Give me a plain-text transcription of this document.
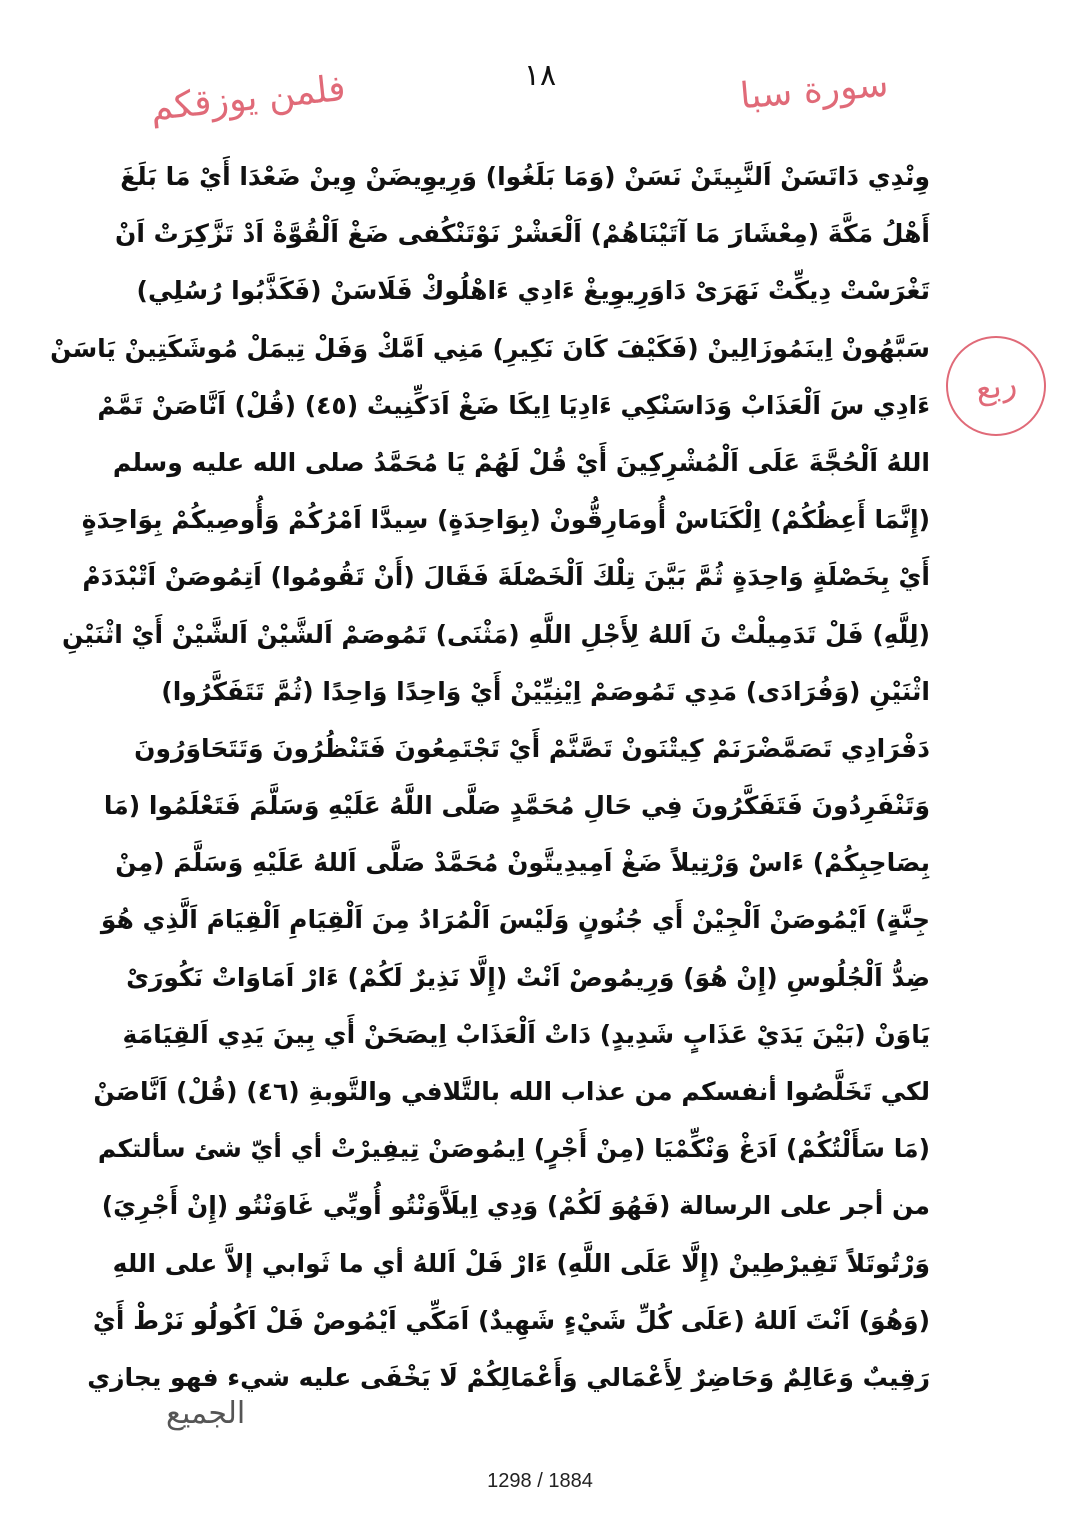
١٨
فلمن يوزقكم	سورة سبا
ربع
وِنْدِي دَاتَسَنْ اَلنَّبِيتَنْ نَسَنْ (وَمَا بَلَغُوا) وَرِيوِيضَنْ وِينْ ضَعْدَا أَيْ مَا بَلَغَ
أَهْلُ مَكَّةَ (مِعْشَارَ مَا آتَيْنَاهُمْ) اَلْعَشْرْ نَوْتَنْكُفى ضَغْ اَلْقُوَّةْ اَدْ تَزَّكِرَتْ اَنْ
تَغْرَسْتْ دِيكِّتْ نَهَرَىْ دَاوَرِيوِيغْ ءَادِي ءَاهْلُوكْ فَلَاسَنْ (فَكَذَّبُوا رُسُلِي)
سَبَّهُونْ اِينَمُوزَالِينْ (فَكَيْفَ كَانَ نَكِيرِ) مَنِي اَمَّكْ وَفَلْ تِيمَلْ مُوشَكَتِينْ يَاسَنْ
ءَادِي سَ اَلْعَذَابْ وَدَاسَنْكِي ءَادِيَا اِيكَا ضَغْ اَدَكِّنِيتْ (٤٥) (قُلْ) اَنَّاصَنْ تَمَّمْ
اللهُ اَلْحُجَّةَ عَلَى اَلْمُشْرِكِينَ أَيْ قُلْ لَهُمْ يَا مُحَمَّدُ صلى الله عليه وسلم
(إِنَّمَا أَعِظُكُمْ) اِلْكَنَاسْ أُومَارِقُّونْ (بِوَاحِدَةٍ) سِيدَّا اَمْرُكُمْ وَأُوصِيكُمْ بِوَاحِدَةٍ
أَيْ بِخَصْلَةٍ وَاحِدَةٍ ثُمَّ بَيَّنَ تِلْكَ اَلْخَصْلَةَ فَقَالَ (أَنْ تَقُومُوا) اَتِمُوصَنْ اَتْبْدَدَمْ
(لِلَّهِ) فَلْ تَدَمِيلْتْ نَ اَللهُ لِأَجْلِ اللَّهِ (مَثْنَى) تَمُوصَمْ اَلشَّيْنْ اَلشَّيْنْ أَيْ اثْنَيْنِ
اثْنَيْنِ (وَفُرَادَى) مَدِي تَمُوصَمْ اِيْنِيِّيْنْ أَيْ وَاحِدًا وَاحِدًا (ثُمَّ تَتَفَكَّرُوا)
دَفْرَادِي تَصَمَّضْرَنَمْ كِيتْنَونْ تَصَّنَّمْ أَيْ تَجْتَمِعُونَ فَتَنْظُرُونَ وَتَتَحَاوَرُونَ
وَتَنْفَرِدُونَ فَتَفَكَّرُونَ فِي حَالِ مُحَمَّدٍ صَلَّى اللَّهُ عَلَيْهِ وَسَلَّمَ فَتَعْلَمُوا (مَا
بِصَاحِبِكُمْ) ءَاسْ وَرْتِيلاً ضَغْ اَمِيدِيتَّونْ مُحَمَّدْ صَلَّى اَللهُ عَلَيْهِ وَسَلَّمَ (مِنْ
جِنَّةٍ) اَيْمُوصَنْ اَلْجِيْنْ أَي جُنُونٍ وَلَيْسَ اَلْمُرَادُ مِنَ اَلْقِيَامِ اَلْقِيَامَ اَلَّذِي هُوَ
ضِدُّ اَلْجُلُوسِ (إِنْ هُوَ) وَرِيمُوصْ اَنْتْ (إِلَّا نَذِيرٌ لَكُمْ) ءَارْ اَمَاوَاتْ نَكُورَىْ
يَاوَنْ (بَيْنَ يَدَيْ عَذَابٍ شَدِيدٍ) دَاتْ اَلْعَذَابْ اِيصَحَنْ أَي بِينَ يَدِي اَلقِيَامَةِ
لكي تَخَلَّصُوا أنفسكم من عذاب الله بالتَّلافي والتَّوبةِ (٤٦) (قُلْ) اَنَّاصَنْ
(مَا سَأَلْتُكُمْ) اَدَغْ وَنْكِّمْيَا (مِنْ أَجْرٍ) اِيمُوصَنْ تِيفِيرْتْ أي أيّ شئ سألتكم
من أجر على الرسالة (فَهُوَ لَكُمْ) وَدِي اِيلَاَّوَنْتُو أُويِّي غَاوَنْتُو (إِنْ أَجْرِيَ)
وَرْتُوتَلاً تَفِيرْطِينْ (إِلَّا عَلَى اللَّهِ) ءَارْ فَلْ اَللهُ أي ما ثَوابي إلاَّ على اللهِ
(وَهُوَ) اَنْتَ اَللهُ (عَلَى كُلِّ شَيْءٍ شَهِيدٌ) اَمَكِّي اَيْمُوصْ فَلْ اَكُولُو نَرْطْ أَيْ
رَقِيبٌ وَعَالِمٌ وَحَاضِرٌ لِأَعْمَالي وَأَعْمَالِكُمْ لَا يَخْفَى عليه شيء فهو يجازي
الجميع
1298 / 1884
